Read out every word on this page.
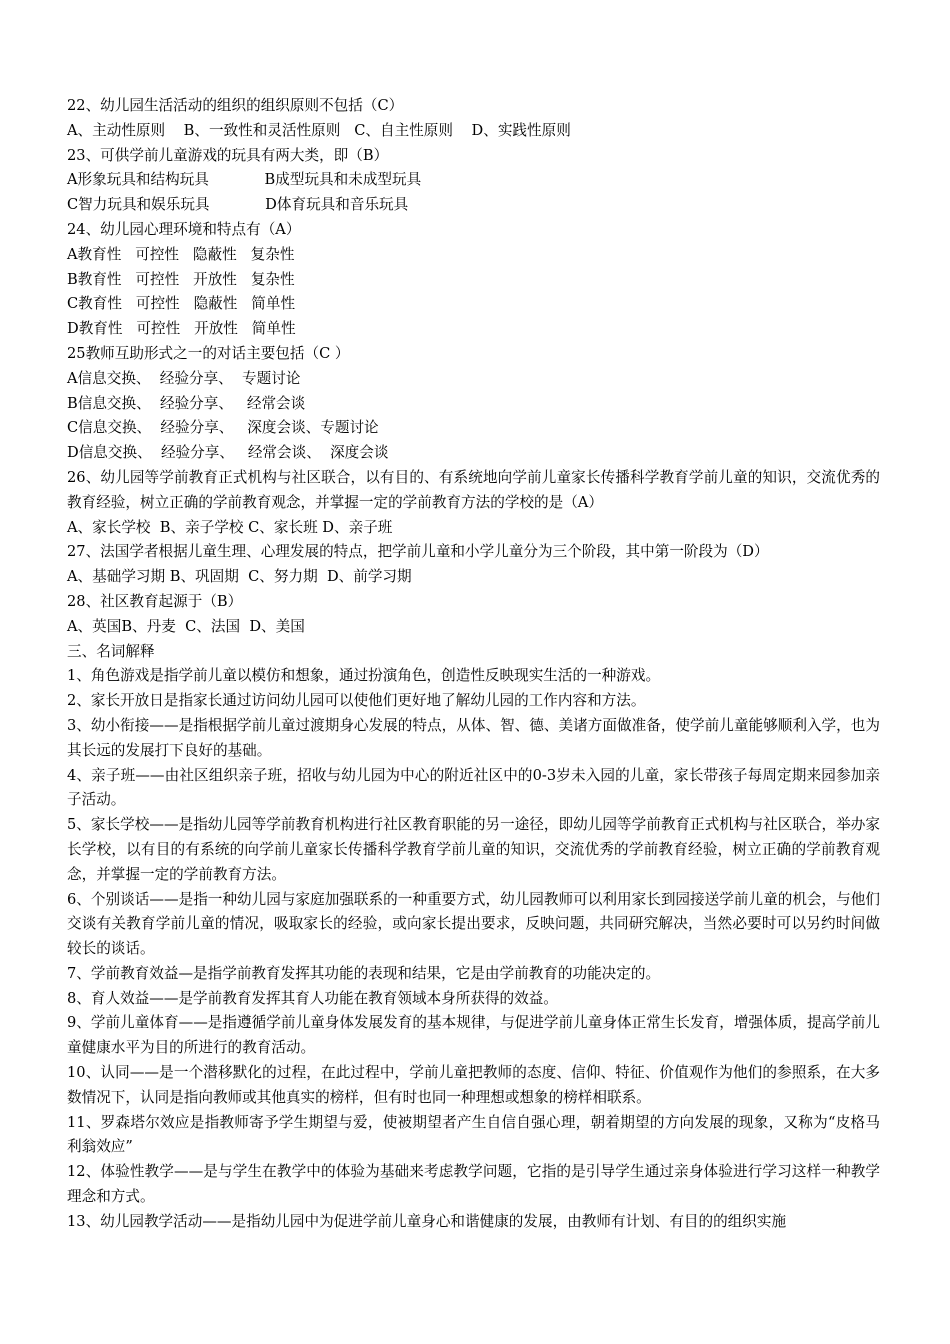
22、幼儿园生活活动的组织的组织原则不包括（C）
A、主动性原则    B、一致性和灵活性原则   C、自主性原则    D、实践性原则
23、可供学前儿童游戏的玩具有两大类，即（B）
A形象玩具和结构玩具            B成型玩具和未成型玩具
C智力玩具和娱乐玩具            D体育玩具和音乐玩具
24、幼儿园心理环境和特点有（A）
A教育性   可控性   隐蔽性   复杂性
B教育性   可控性   开放性   复杂性
C教育性   可控性   隐蔽性   简单性
D教育性   可控性   开放性   简单性
25教师互助形式之一的对话主要包括（C ）
A信息交换、  经验分享、  专题讨论
B信息交换、  经验分享、   经常会谈
C信息交换、  经验分享、   深度会谈、专题讨论
D信息交换、  经验分享、   经常会谈、  深度会谈
26、幼儿园等学前教育正式机构与社区联合，以有目的、有系统地向学前儿童家长传播科学教育学前儿童的知识，交流优秀的教育经验，树立正确的学前教育观念，并掌握一定的学前教育方法的学校的是（A）
A、家长学校  B、亲子学校 C、家长班 D、亲子班
27、法国学者根据儿童生理、心理发展的特点，把学前儿童和小学儿童分为三个阶段，其中第一阶段为（D）
A、基础学习期 B、巩固期  C、努力期  D、前学习期
28、社区教育起源于（B）
A、英国B、丹麦  C、法国  D、美国
三、名词解释
1、角色游戏是指学前儿童以模仿和想象，通过扮演角色，创造性反映现实生活的一种游戏。
2、家长开放日是指家长通过访问幼儿园可以使他们更好地了解幼儿园的工作内容和方法。
3、幼小衔接——是指根据学前儿童过渡期身心发展的特点，从体、智、德、美诸方面做准备，使学前儿童能够顺利入学，也为其长远的发展打下良好的基础。
4、亲子班——由社区组织亲子班，招收与幼儿园为中心的附近社区中的0-3岁未入园的儿童，家长带孩子每周定期来园参加亲子活动。
5、家长学校——是指幼儿园等学前教育机构进行社区教育职能的另一途径，即幼儿园等学前教育正式机构与社区联合，举办家长学校，以有目的有系统的向学前儿童家长传播科学教育学前儿童的知识，交流优秀的学前教育经验，树立正确的学前教育观念，并掌握一定的学前教育方法。
6、个别谈话——是指一种幼儿园与家庭加强联系的一种重要方式，幼儿园教师可以利用家长到园接送学前儿童的机会，与他们交谈有关教育学前儿童的情况，吸取家长的经验，或向家长提出要求，反映问题，共同研究解决，当然必要时可以另约时间做较长的谈话。
7、学前教育效益—是指学前教育发挥其功能的表现和结果，它是由学前教育的功能决定的。
8、育人效益——是学前教育发挥其育人功能在教育领域本身所获得的效益。
9、学前儿童体育——是指遵循学前儿童身体发展发育的基本规律，与促进学前儿童身体正常生长发育，增强体质，提高学前儿童健康水平为目的所进行的教育活动。
10、认同——是一个潜移默化的过程，在此过程中，学前儿童把教师的态度、信仰、特征、价值观作为他们的参照系，在大多数情况下，认同是指向教师或其他真实的榜样，但有时也同一种理想或想象的榜样相联系。
11、罗森塔尔效应是指教师寄予学生期望与爱，使被期望者产生自信自强心理，朝着期望的方向发展的现象，又称为“皮格马利翁效应”
12、体验性教学——是与学生在教学中的体验为基础来考虑教学问题，它指的是引导学生通过亲身体验进行学习这样一种教学理念和方式。
13、幼儿园教学活动——是指幼儿园中为促进学前儿童身心和谐健康的发展，由教师有计划、有目的的组织实施
